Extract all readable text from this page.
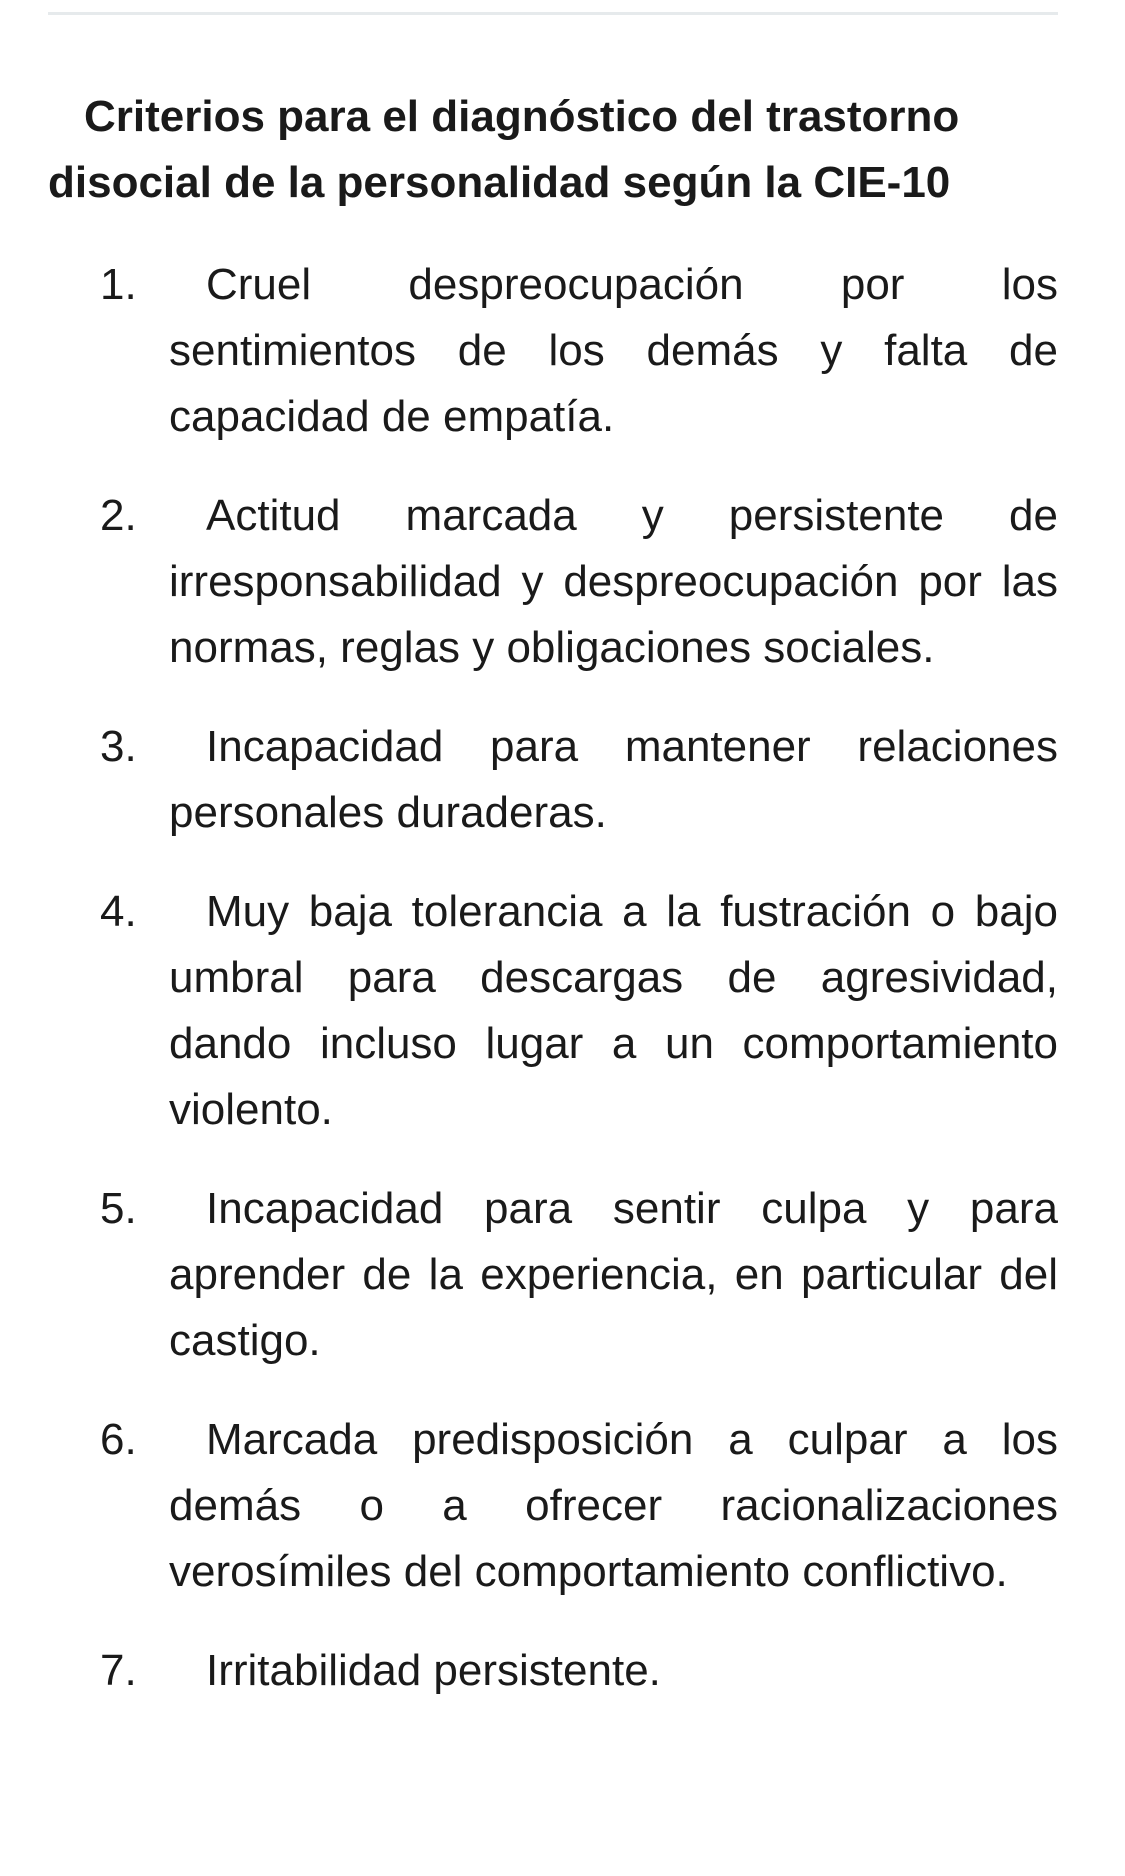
Criterios para el diagnóstico del trastorno disocial de la personalidad según la CIE-10
1.	Cruel despreocupación por los sentimientos de los demás y falta de capacidad de empatía.
2.	Actitud marcada y persistente de irresponsabilidad y despreocupación por las normas, reglas y obligaciones sociales.
3.	Incapacidad para mantener relaciones personales duraderas.
4.	Muy baja tolerancia a la fustración o bajo umbral para descargas de agresividad, dando incluso lugar a un comportamiento violento.
5.	Incapacidad para sentir culpa y para aprender de la experiencia, en particular del castigo.
6.	Marcada predisposición a culpar a los demás o a ofrecer racionalizaciones verosímiles del comportamiento conflictivo.
7.	Irritabilidad persistente.
